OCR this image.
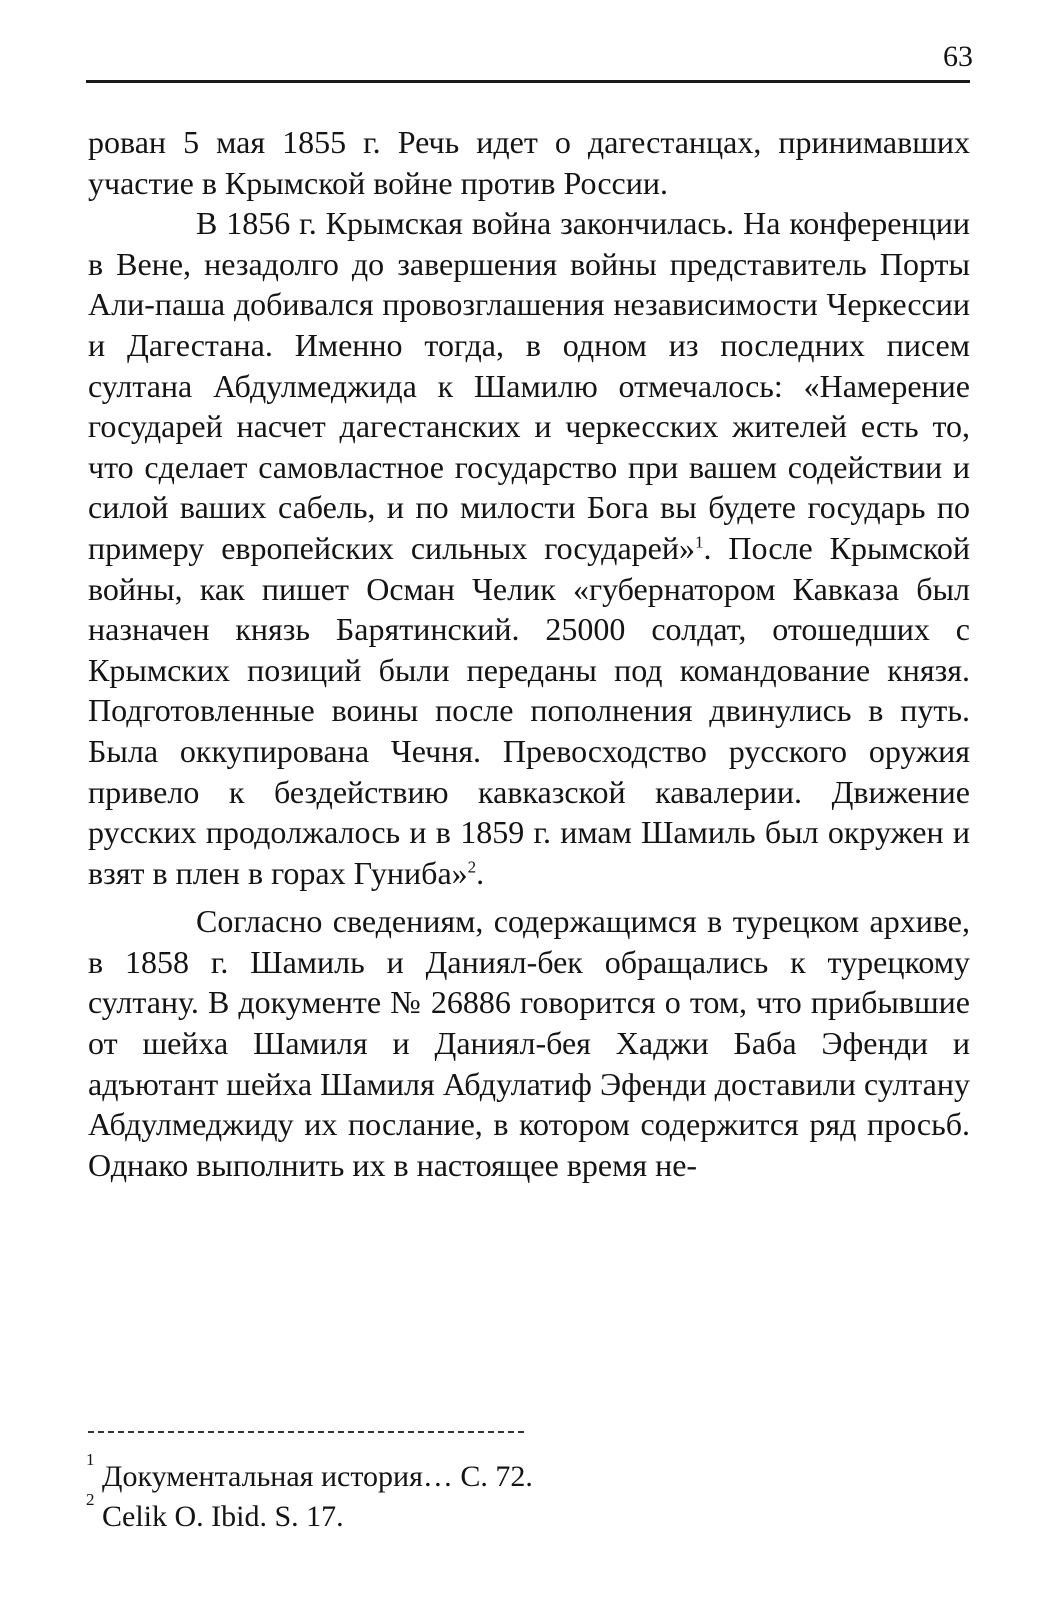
63

рован 5 мая 1855 г. Речь идет о дагестанцах, принимавших участие в Крымской войне против России.

В 1856 г. Крымская война закончилась. На конференции в Вене, незадолго до завершения войны представитель Порты Али-паша добивался провозглашения независимости Черкессии и Дагестана. Именно тогда, в одном из последних писем султана Абдулмеджида к Шамилю отмечалось: «Намерение государей насчет дагестанских и черкесских жителей есть то, что сделает самовластное государство при вашем содействии и силой ваших сабель, и по милости Бога вы будете государь по примеру европейских сильных государей»$^1$. После Крымской войны, как пишет Осман Челик «губернатором Кавказа был назначен князь Барятинский. 25000 солдат, отошедших с Крымских позиций были переданы под командование князя. Подготовленные воины после пополнения двинулись в путь. Была оккупирована Чечня. Превосходство русского оружия привело к бездействию кавказской кавалерии. Движение русских продолжалось и в 1859 г. имам Шамиль был окружен и взят в плен в горах Гуниба»$^2$.

Согласно сведениям, содержащимся в турецком архиве, в 1858 г. Шамиль и Даниял-бек обращались к турецкому султану. В документе № 26886 говорится о том, что прибывшие от шейха Шамиля и Даниял-бея Хаджи Баба Эфенди и адъютант шейха Шамиля Абдулатиф Эфенди доставили султану Абдулмеджиду их послание, в котором содержится ряд просьб. Однако выполнить их в настоящее время не-

1
Документальная история… С. 72.
2
Celik O. Ibid. S. 17.
